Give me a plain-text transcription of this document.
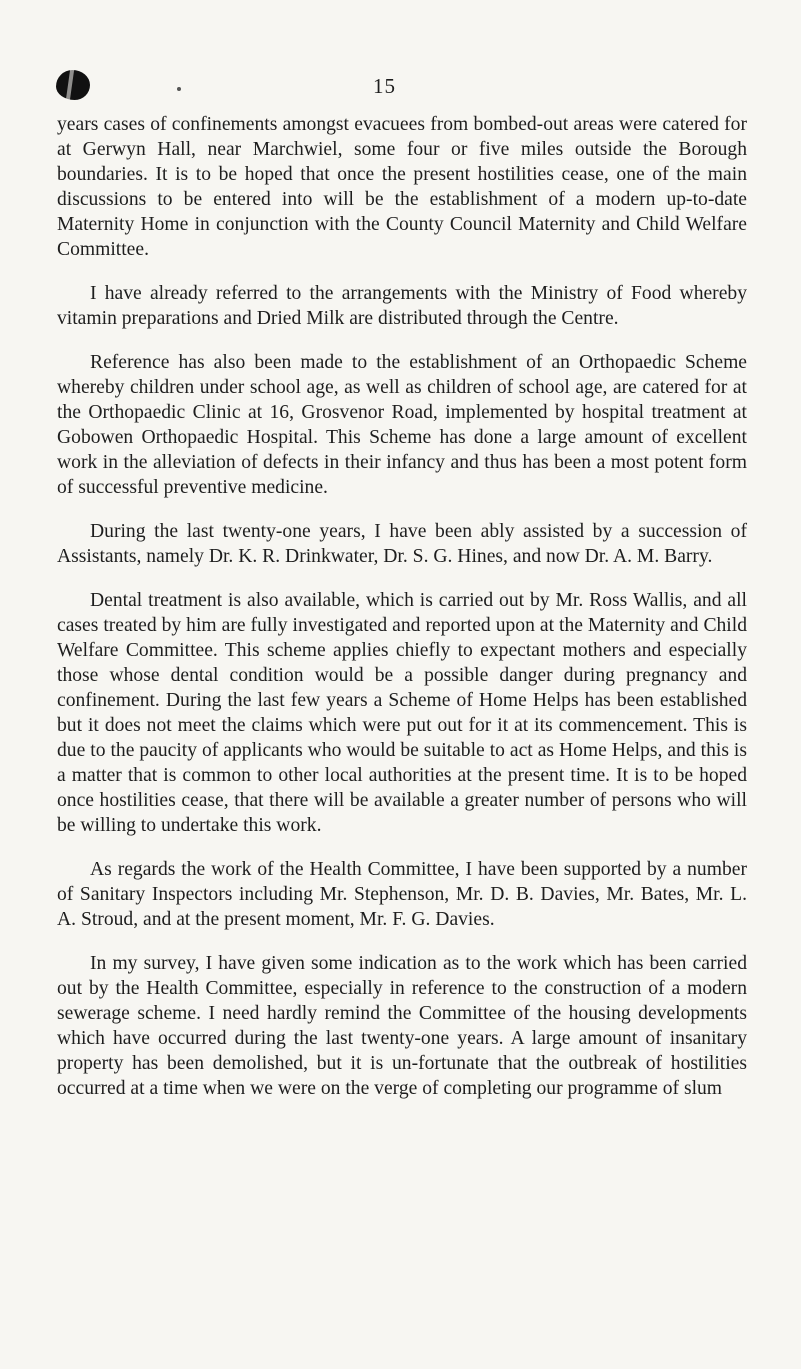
15

years cases of confinements amongst evacuees from bombed-out areas were catered for at Gerwyn Hall, near Marchwiel, some four or five miles outside the Borough boundaries. It is to be hoped that once the present hostilities cease, one of the main discussions to be entered into will be the establishment of a modern up-to-date Maternity Home in conjunction with the County Council Maternity and Child Welfare Committee.

I have already referred to the arrangements with the Ministry of Food whereby vitamin preparations and Dried Milk are distributed through the Centre.

Reference has also been made to the establishment of an Orthopaedic Scheme whereby children under school age, as well as children of school age, are catered for at the Orthopaedic Clinic at 16, Grosvenor Road, implemented by hospital treatment at Gobowen Orthopaedic Hospital. This Scheme has done a large amount of excellent work in the alleviation of defects in their infancy and thus has been a most potent form of successful preventive medicine.

During the last twenty-one years, I have been ably assisted by a succession of Assistants, namely Dr. K. R. Drinkwater, Dr. S. G. Hines, and now Dr. A. M. Barry.

Dental treatment is also available, which is carried out by Mr. Ross Wallis, and all cases treated by him are fully investigated and reported upon at the Maternity and Child Welfare Committee. This scheme applies chiefly to expectant mothers and especially those whose dental condition would be a possible danger during pregnancy and confinement. During the last few years a Scheme of Home Helps has been established but it does not meet the claims which were put out for it at its commencement. This is due to the paucity of applicants who would be suitable to act as Home Helps, and this is a matter that is common to other local authorities at the present time. It is to be hoped once hostilities cease, that there will be available a greater number of persons who will be willing to undertake this work.

As regards the work of the Health Committee, I have been supported by a number of Sanitary Inspectors including Mr. Stephenson, Mr. D. B. Davies, Mr. Bates, Mr. L. A. Stroud, and at the present moment, Mr. F. G. Davies.

In my survey, I have given some indication as to the work which has been carried out by the Health Committee, especially in reference to the construction of a modern sewerage scheme. I need hardly remind the Committee of the housing developments which have occurred during the last twenty-one years. A large amount of insanitary property has been demolished, but it is un-fortunate that the outbreak of hostilities occurred at a time when we were on the verge of completing our programme of slum
